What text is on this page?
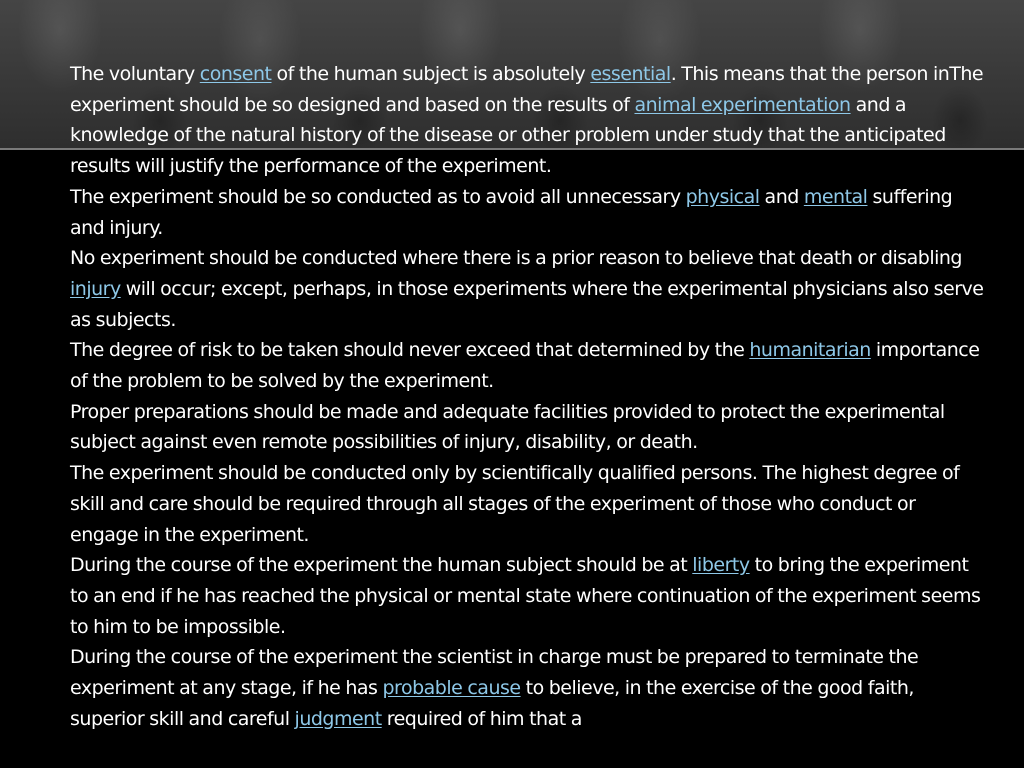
The voluntary consent of the human subject is absolutely essential. This means that the person inThe experiment should be so designed and based on the results of animal experimentation and a knowledge of the natural history of the disease or other problem under study that the anticipated results will justify the performance of the experiment.

The experiment should be so conducted as to avoid all unnecessary physical and mental suffering and injury.

No experiment should be conducted where there is a prior reason to believe that death or disabling injury will occur; except, perhaps, in those experiments where the experimental physicians also serve as subjects.

The degree of risk to be taken should never exceed that determined by the humanitarian importance of the problem to be solved by the experiment.

Proper preparations should be made and adequate facilities provided to protect the experimental subject against even remote possibilities of injury, disability, or death.

The experiment should be conducted only by scientifically qualified persons. The highest degree of skill and care should be required through all stages of the experiment of those who conduct or engage in the experiment.

During the course of the experiment the human subject should be at liberty to bring the experiment to an end if he has reached the physical or mental state where continuation of the experiment seems to him to be impossible.

During the course of the experiment the scientist in charge must be prepared to terminate the experiment at any stage, if he has probable cause to believe, in the exercise of the good faith, superior skill and careful judgment required of him that a
